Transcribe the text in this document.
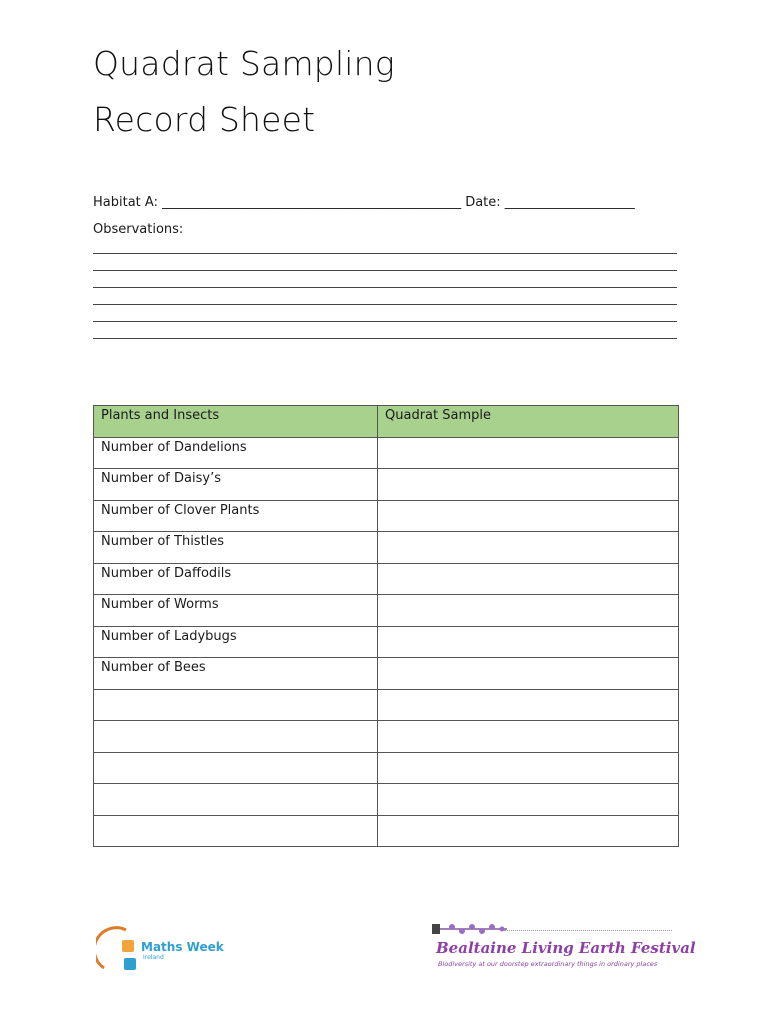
Quadrat Sampling
Record Sheet
Habitat A: ______________________________________________ Date: ____________________
Observations:
Plants and Insects	Quadrat Sample
Number of Dandelions	
Number of Daisy’s	
Number of Clover Plants	
Number of Thistles	
Number of Daffodils	
Number of Worms	
Number of Ladybugs	
Number of Bees	

Maths Week
Ireland
Bealtaine Living Earth Festival
Biodiversity at our doorstep extraordinary things in ordinary places
